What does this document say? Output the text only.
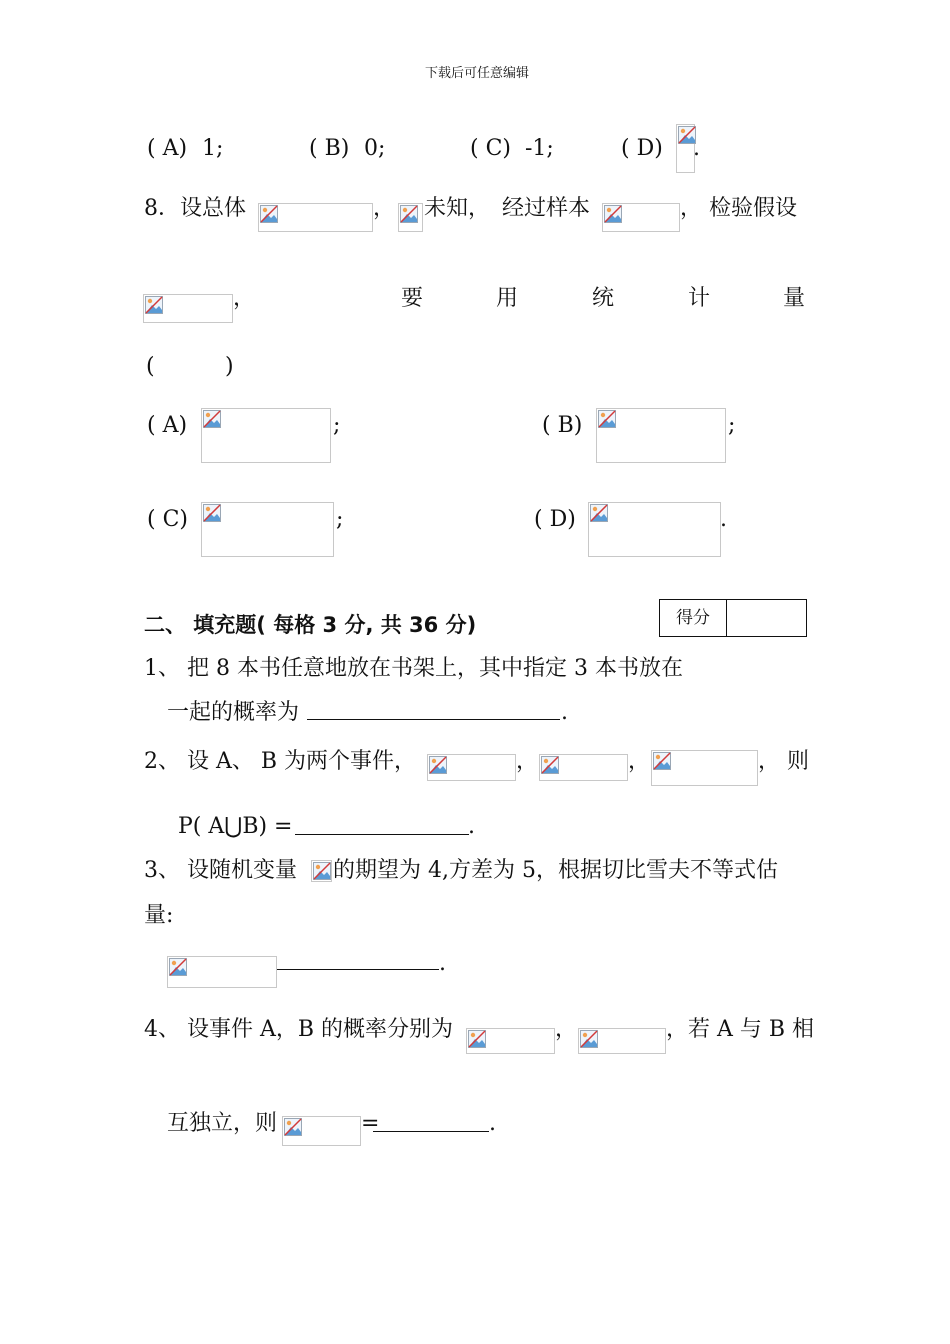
下载后可任意编辑
( A) 1;	( B) 0;	( C) -1;	( D) .
8．设总体	， 未知， 经过样本	， 检验假设
，	要	用	统	计	量
(	)
( A)	;	( B)	;
( C)	;	( D)	.
二、 填充题( 每格 3 分, 共 36 分)	得分
1、 把 8 本书任意地放在书架上，其中指定 3 本书放在
一起的概率为	.
2、 设 A、 B 为两个事件，	，	，	， 则
P( A⋃B) =	.
3、 设随机变量 的期望为 4,方差为 5，根据切比雪夫不等式估
量:
.
4、 设事件 A，B 的概率分别为	，	，若 A 与 B 相
互独立，则	=	.
